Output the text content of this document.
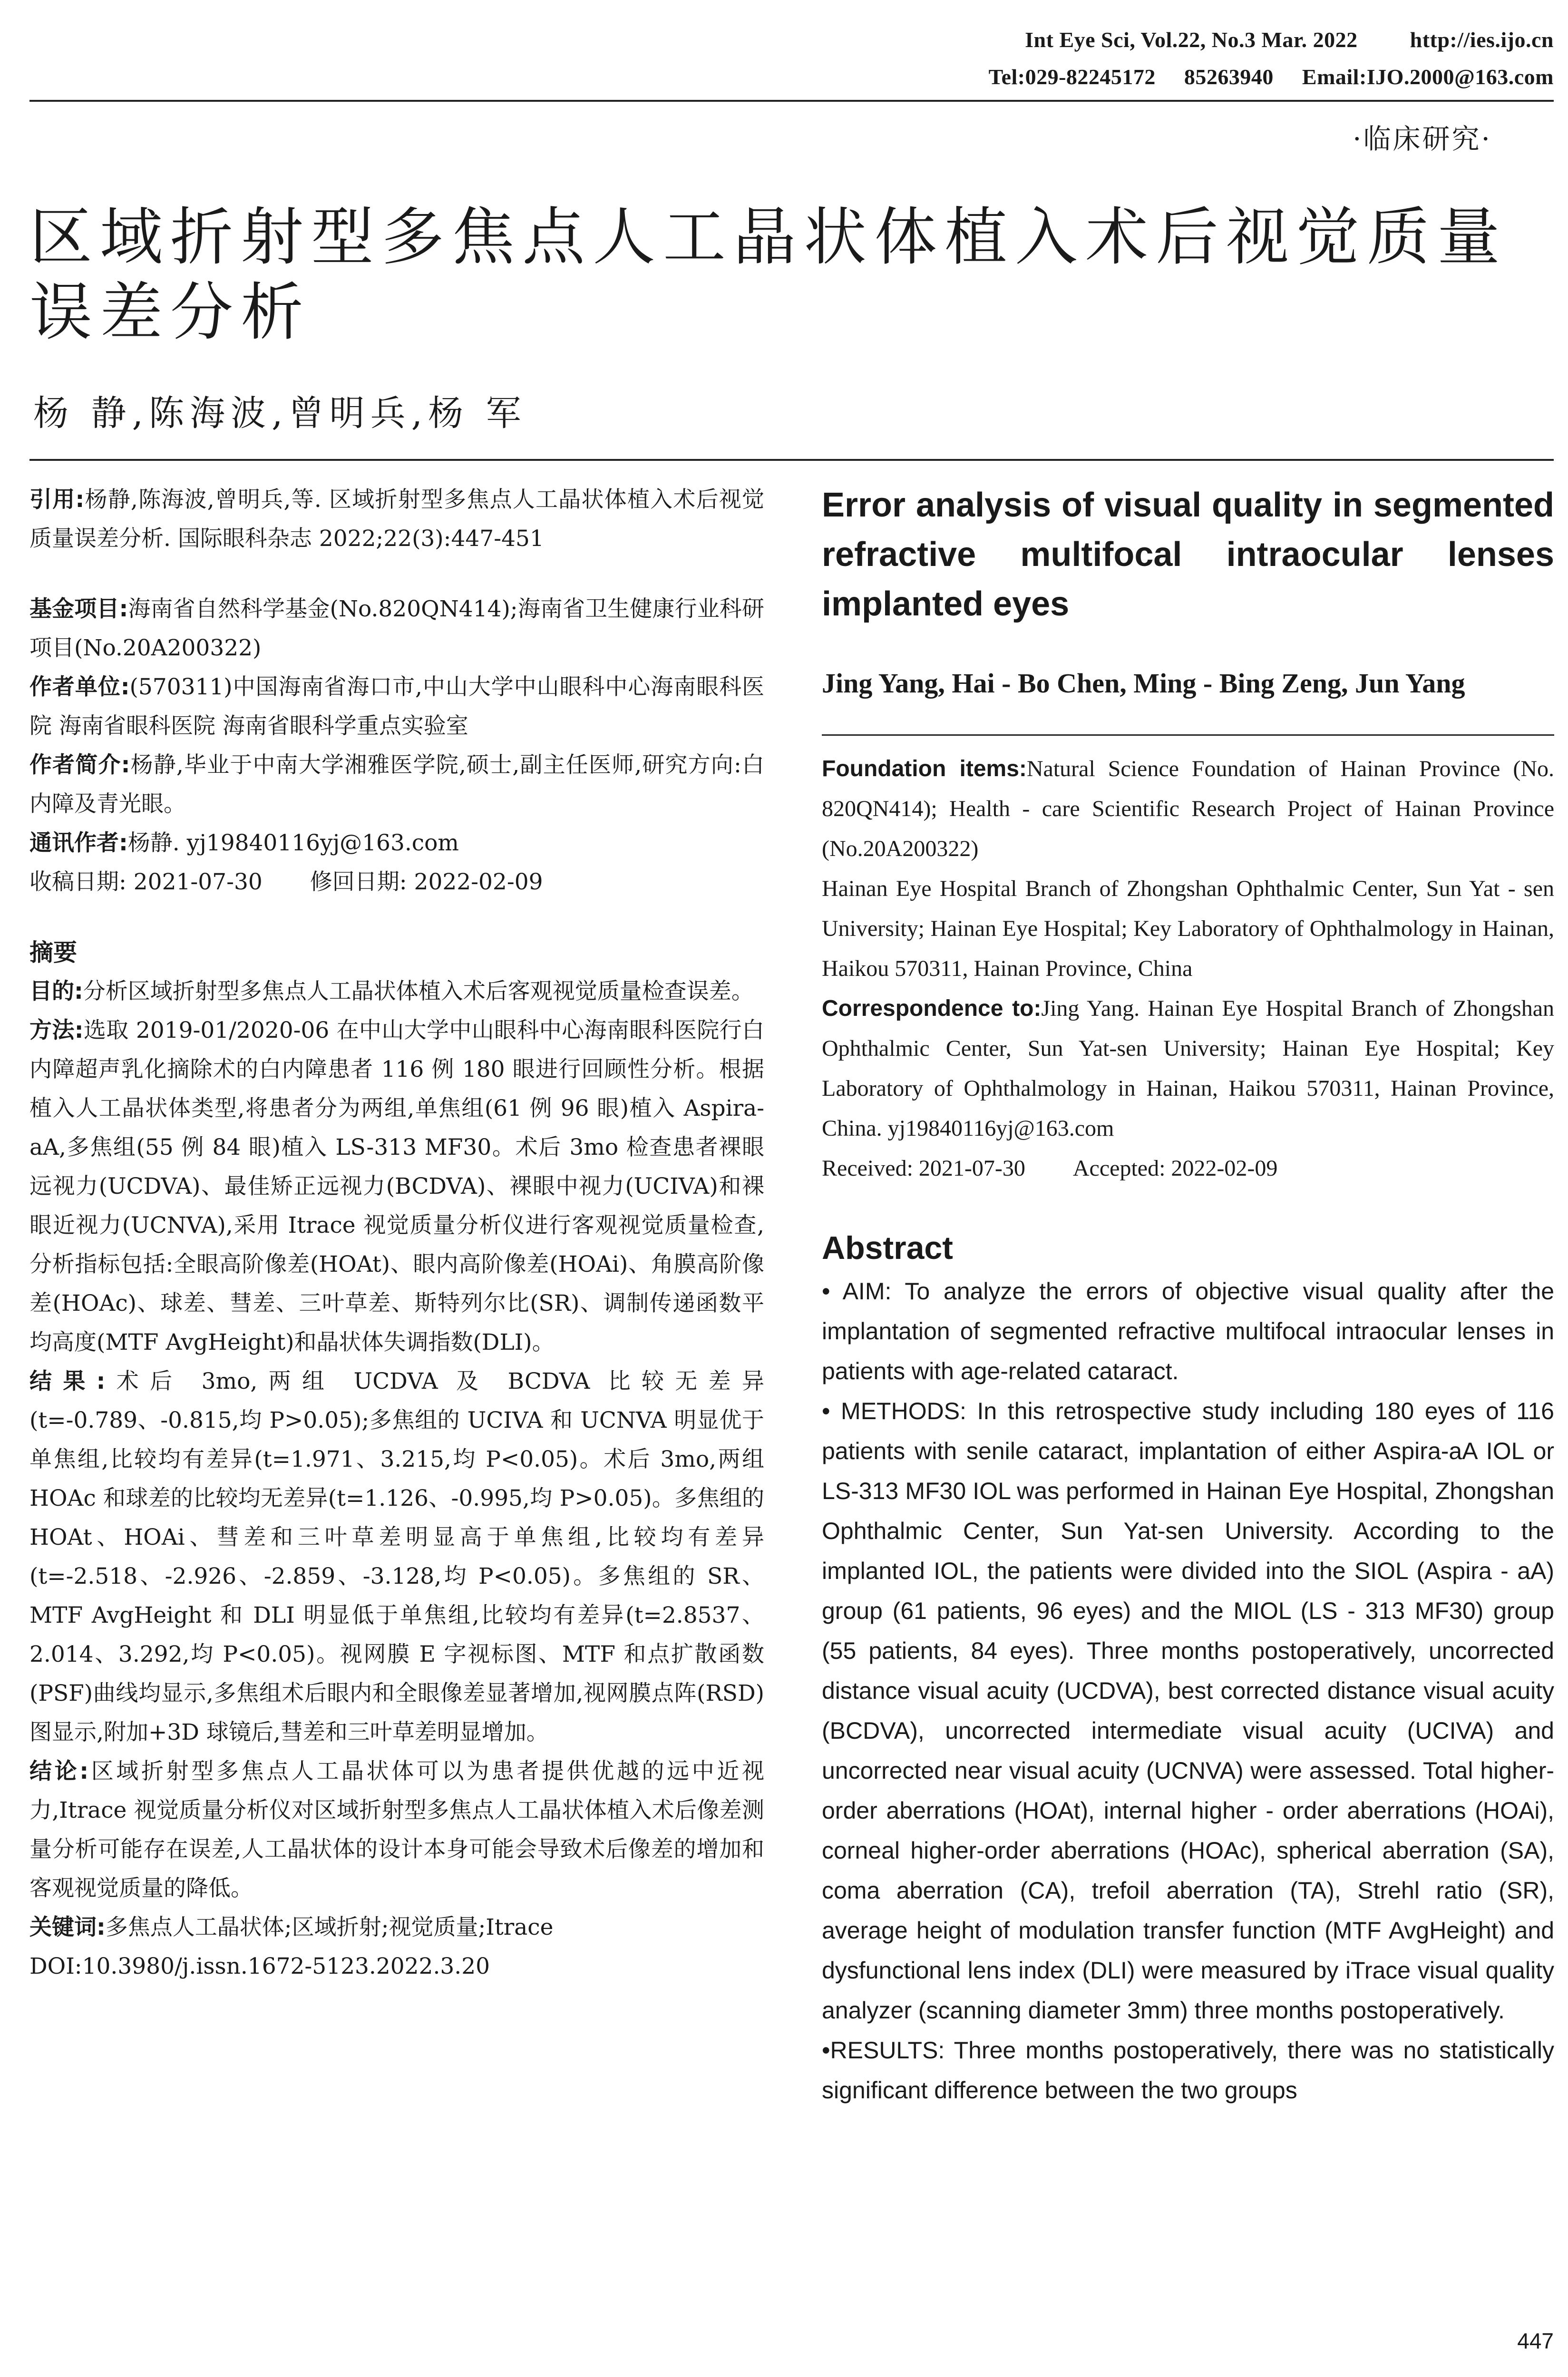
Int Eye Sci, Vol.22, No.3 Mar. 2022 http://ies.ijo.cn
Tel:029-82245172 85263940 Email:IJO.2000@163.com
·临床研究·
区域折射型多焦点人工晶状体植入术后视觉质量误差分析
杨 静,陈海波,曾明兵,杨 军

引用:杨静,陈海波,曾明兵,等. 区域折射型多焦点人工晶状体植入术后视觉质量误差分析. 国际眼科杂志 2022;22(3):447-451

基金项目:海南省自然科学基金(No.820QN414);海南省卫生健康行业科研项目(No.20A200322)

作者单位:(570311)中国海南省海口市,中山大学中山眼科中心海南眼科医院 海南省眼科医院 海南省眼科学重点实验室

作者简介:杨静,毕业于中南大学湘雅医学院,硕士,副主任医师,研究方向:白内障及青光眼。

通讯作者:杨静. yj19840116yj@163.com

收稿日期: 2021-07-30 修回日期: 2022-02-09

摘要

目的:分析区域折射型多焦点人工晶状体植入术后客观视觉质量检查误差。

方法:选取 2019-01/2020-06 在中山大学中山眼科中心海南眼科医院行白内障超声乳化摘除术的白内障患者 116 例 180 眼进行回顾性分析。根据植入人工晶状体类型,将患者分为两组,单焦组(61 例 96 眼)植入 Aspira-aA,多焦组(55 例 84 眼)植入 LS-313 MF30。术后 3mo 检查患者裸眼远视力(UCDVA)、最佳矫正远视力(BCDVA)、裸眼中视力(UCIVA)和裸眼近视力(UCNVA),采用 Itrace 视觉质量分析仪进行客观视觉质量检查,分析指标包括:全眼高阶像差(HOAt)、眼内高阶像差(HOAi)、角膜高阶像差(HOAc)、球差、彗差、三叶草差、斯特列尔比(SR)、调制传递函数平均高度(MTF AvgHeight)和晶状体失调指数(DLI)。

结果:术后 3mo,两组 UCDVA 及 BCDVA 比较无差异(t=-0.789、-0.815,均 P>0.05);多焦组的 UCIVA 和 UCNVA 明显优于单焦组,比较均有差异(t=1.971、3.215,均 P<0.05)。术后 3mo,两组 HOAc 和球差的比较均无差异(t=1.126、-0.995,均 P>0.05)。多焦组的 HOAt、HOAi、彗差和三叶草差明显高于单焦组,比较均有差异(t=-2.518、-2.926、-2.859、-3.128,均 P<0.05)。多焦组的 SR、MTF AvgHeight 和 DLI 明显低于单焦组,比较均有差异(t=2.8537、2.014、3.292,均 P<0.05)。视网膜 E 字视标图、MTF 和点扩散函数(PSF)曲线均显示,多焦组术后眼内和全眼像差显著增加,视网膜点阵(RSD)图显示,附加+3D 球镜后,彗差和三叶草差明显增加。

结论:区域折射型多焦点人工晶状体可以为患者提供优越的远中近视力,Itrace 视觉质量分析仪对区域折射型多焦点人工晶状体植入术后像差测量分析可能存在误差,人工晶状体的设计本身可能会导致术后像差的增加和客观视觉质量的降低。

关键词:多焦点人工晶状体;区域折射;视觉质量;Itrace

DOI:10.3980/j.issn.1672-5123.2022.3.20

Error analysis of visual quality in segmented refractive multifocal intraocular lenses implanted eyes
Jing Yang, Hai - Bo Chen, Ming - Bing Zeng, Jun Yang

Foundation items:Natural Science Foundation of Hainan Province (No. 820QN414); Health - care Scientific Research Project of Hainan Province (No.20A200322)

Hainan Eye Hospital Branch of Zhongshan Ophthalmic Center, Sun Yat - sen University; Hainan Eye Hospital; Key Laboratory of Ophthalmology in Hainan, Haikou 570311, Hainan Province, China

Correspondence to:Jing Yang. Hainan Eye Hospital Branch of Zhongshan Ophthalmic Center, Sun Yat-sen University; Hainan Eye Hospital; Key Laboratory of Ophthalmology in Hainan, Haikou 570311, Hainan Province, China. yj19840116yj@163.com

Received: 2021-07-30 Accepted: 2022-02-09

Abstract

• AIM: To analyze the errors of objective visual quality after the implantation of segmented refractive multifocal intraocular lenses in patients with age-related cataract.

• METHODS: In this retrospective study including 180 eyes of 116 patients with senile cataract, implantation of either Aspira-aA IOL or LS-313 MF30 IOL was performed in Hainan Eye Hospital, Zhongshan Ophthalmic Center, Sun Yat-sen University. According to the implanted IOL, the patients were divided into the SIOL (Aspira - aA) group (61 patients, 96 eyes) and the MIOL (LS - 313 MF30) group (55 patients, 84 eyes). Three months postoperatively, uncorrected distance visual acuity (UCDVA), best corrected distance visual acuity (BCDVA), uncorrected intermediate visual acuity (UCIVA) and uncorrected near visual acuity (UCNVA) were assessed. Total higher-order aberrations (HOAt), internal higher - order aberrations (HOAi), corneal higher-order aberrations (HOAc), spherical aberration (SA), coma aberration (CA), trefoil aberration (TA), Strehl ratio (SR), average height of modulation transfer function (MTF AvgHeight) and dysfunctional lens index (DLI) were measured by iTrace visual quality analyzer (scanning diameter 3mm) three months postoperatively.

•RESULTS: Three months postoperatively, there was no statistically significant difference between the two groups

447
